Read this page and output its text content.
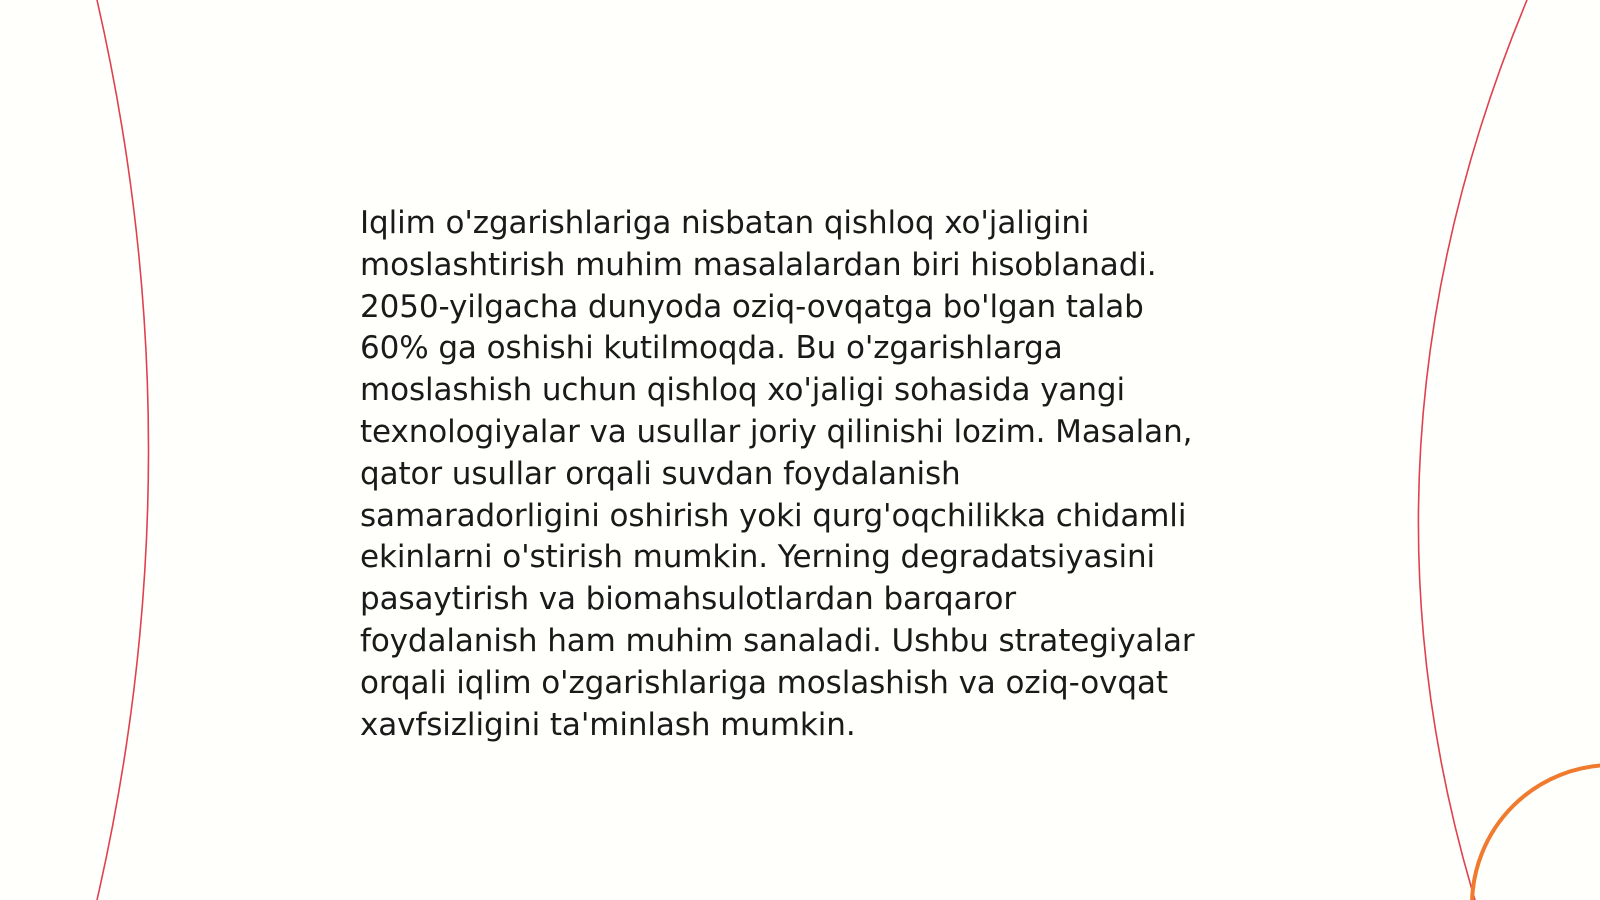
Iqlim o'zgarishlariga nisbatan qishloq xo'jaligini
moslashtirish muhim masalalardan biri hisoblanadi.
2050-yilgacha dunyoda oziq-ovqatga bo'lgan talab
60% ga oshishi kutilmoqda. Bu o'zgarishlarga
moslashish uchun qishloq xo'jaligi sohasida yangi
texnologiyalar va usullar joriy qilinishi lozim. Masalan,
qator usullar orqali suvdan foydalanish
samaradorligini oshirish yoki qurg'oqchilikka chidamli
ekinlarni o'stirish mumkin. Yerning degradatsiyasini
pasaytirish va biomahsulotlardan barqaror
foydalanish ham muhim sanaladi. Ushbu strategiyalar
orqali iqlim o'zgarishlariga moslashish va oziq-ovqat
xavfsizligini ta'minlash mumkin.
